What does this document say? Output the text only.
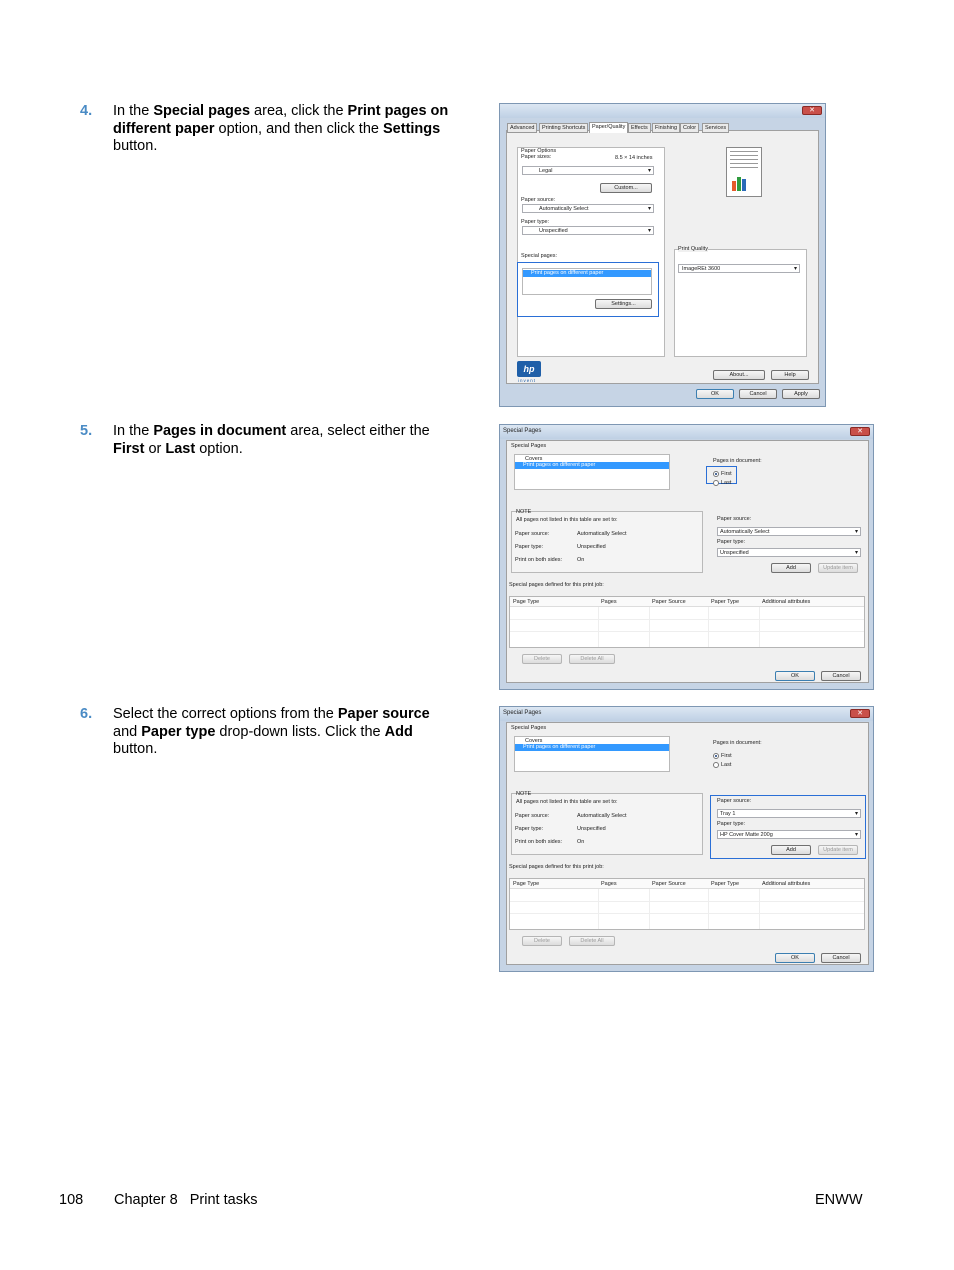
4. In the Special pages area, click the Print pages on different paper option, and then click the Settings button.
5. In the Pages in document area, select either the First or Last option.
6. Select the correct options from the Paper source and Paper type drop-down lists. Click the Add button.
✕
Paper Options
Paper sizes:	8.5 × 14 inches
Legal	▾
Custom...
Paper source:
Automatically Select	▾
Paper type:
Unspecified	▾
Special pages:
Print pages on different paper
Settings...
Print Quality
ImageREt 3600	▾
hp
invent
About...	Help
Advanced	Printing Shortcuts	Paper/Quality	Effects	Finishing	Color	Services
OK	Cancel	Apply
Special Pages	✕
Special Pages
Covers
Print pages on different paper
Pages in document:
First
Last
NOTE
All pages not listed in this table are set to:
Paper source:	Automatically Select
Paper type:	Unspecified
Print on both sides:	On
Paper source:
Automatically Select	▾
Paper type:
Unspecified	▾
Add	Update item
Special pages defined for this print job:
Page Type	Pages	Paper Source	Paper Type	Additional attributes
Delete	Delete All
OK	Cancel
Special Pages	✕
Special Pages
Covers
Print pages on different paper
Pages in document:
First
Last
NOTE
All pages not listed in this table are set to:
Paper source:	Automatically Select
Paper type:	Unspecified
Print on both sides:	On
Paper source:
Tray 1	▾
Paper type:
HP Cover Matte 200g	▾
Add	Update item
Special pages defined for this print job:
Page Type	Pages	Paper Source	Paper Type	Additional attributes
Delete	Delete All
OK	Cancel
108 Chapter 8   Print tasks	ENWW
